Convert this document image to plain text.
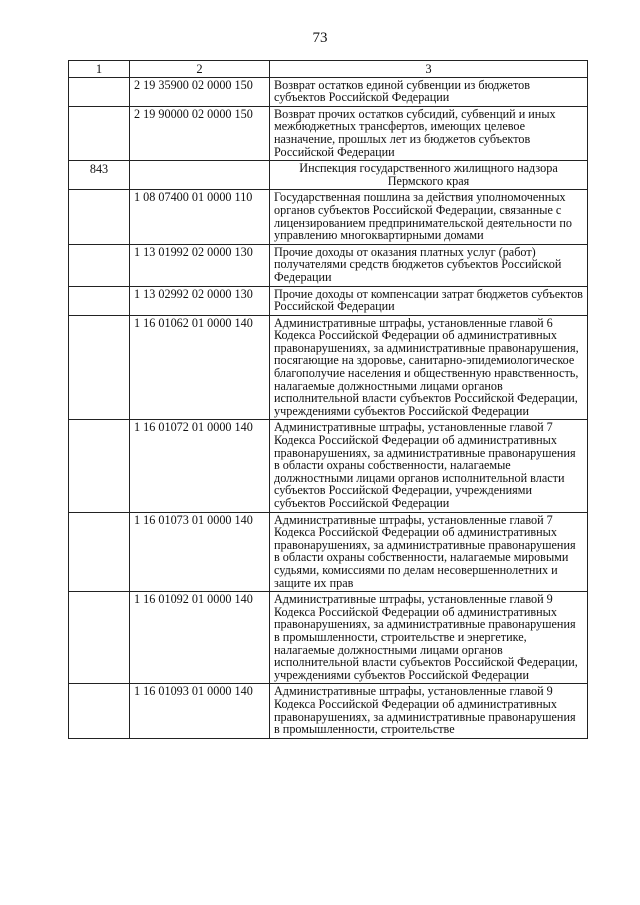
73
1	2	3
	2 19 35900 02 0000 150	Возврат остатков единой субвенции из бюджетов субъектов Российской Федерации
	2 19 90000 02 0000 150	Возврат прочих остатков субсидий, субвенций и иных межбюджетных трансфертов, имеющих целевое назначение, прошлых лет из бюджетов субъектов Российской Федерации
843		Инспекция государственного жилищного надзора Пермского края
	1 08 07400 01 0000 110	Государственная пошлина за действия уполномоченных органов субъектов Российской Федерации, связанные с лицензированием предпринимательской деятельности по управлению многоквартирными домами
	1 13 01992 02 0000 130	Прочие доходы от оказания платных услуг (работ) получателями средств бюджетов субъектов Российской Федерации
	1 13 02992 02 0000 130	Прочие доходы от компенсации затрат бюджетов субъектов Российской Федерации
	1 16 01062 01 0000 140	Административные штрафы, установленные главой 6 Кодекса Российской Федерации об административных правонарушениях, за административные правонарушения, посягающие на здоровье, санитарно-эпидемиологическое благополучие населения и общественную нравственность, налагаемые должностными лицами органов исполнительной власти субъектов Российской Федерации, учреждениями субъектов Российской Федерации
	1 16 01072 01 0000 140	Административные штрафы, установленные главой 7 Кодекса Российской Федерации об административных правонарушениях, за административные правонарушения в области охраны собственности, налагаемые должностными лицами органов исполнительной власти субъектов Российской Федерации, учреждениями субъектов Российской Федерации
	1 16 01073 01 0000 140	Административные штрафы, установленные главой 7 Кодекса Российской Федерации об административных правонарушениях, за административные правонарушения в области охраны собственности, налагаемые мировыми судьями, комиссиями по делам несовершеннолетних и защите их прав
	1 16 01092 01 0000 140	Административные штрафы, установленные главой 9 Кодекса Российской Федерации об административных правонарушениях, за административные правонарушения в промышленности, строительстве и энергетике, налагаемые должностными лицами органов исполнительной власти субъектов Российской Федерации, учреждениями субъектов Российской Федерации
	1 16 01093 01 0000 140	Административные штрафы, установленные главой 9 Кодекса Российской Федерации об административных правонарушениях, за административные правонарушения в промышленности, строительстве
